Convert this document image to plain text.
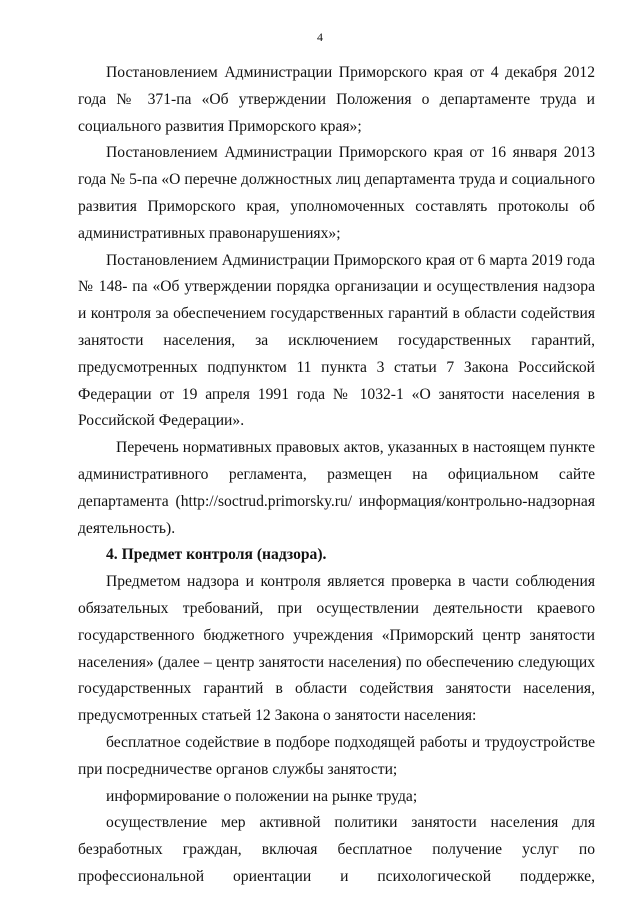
4

Постановлением Администрации Приморского края от 4 декабря 2012 года № 371-па «Об утверждении Положения о департаменте труда и социального развития Приморского края»;

Постановлением Администрации Приморского края от 16 января 2013 года № 5-па «О перечне должностных лиц департамента труда и социального развития Приморского края, уполномоченных составлять протоколы об административных правонарушениях»;

Постановлением Администрации Приморского края от 6 марта 2019 года № 148- па «Об утверждении порядка организации и осуществления надзора и контроля за обеспечением государственных гарантий в области содействия занятости населения, за исключением государственных гарантий, предусмотренных подпунктом 11 пункта 3 статьи 7 Закона Российской Федерации от 19 апреля 1991 года № 1032-1 «О занятости населения в Российской Федерации».

Перечень нормативных правовых актов, указанных в настоящем пункте административного регламента, размещен на официальном сайте департамента (http://soctrud.primorsky.ru/ информация/контрольно-надзорная деятельность).

4. Предмет контроля (надзора).

Предметом надзора и контроля является проверка в части соблюдения обязательных требований, при осуществлении деятельности краевого государственного бюджетного учреждения «Приморский центр занятости населения» (далее – центр занятости населения) по обеспечению следующих государственных гарантий в области содействия занятости населения, предусмотренных статьей 12 Закона о занятости населения:

бесплатное содействие в подборе подходящей работы и трудоустройстве при посредничестве органов службы занятости;

информирование о положении на рынке труда;

осуществление мер активной политики занятости населения для безработных граждан, включая бесплатное получение услуг по профессиональной ориентации и психологической поддержке,
